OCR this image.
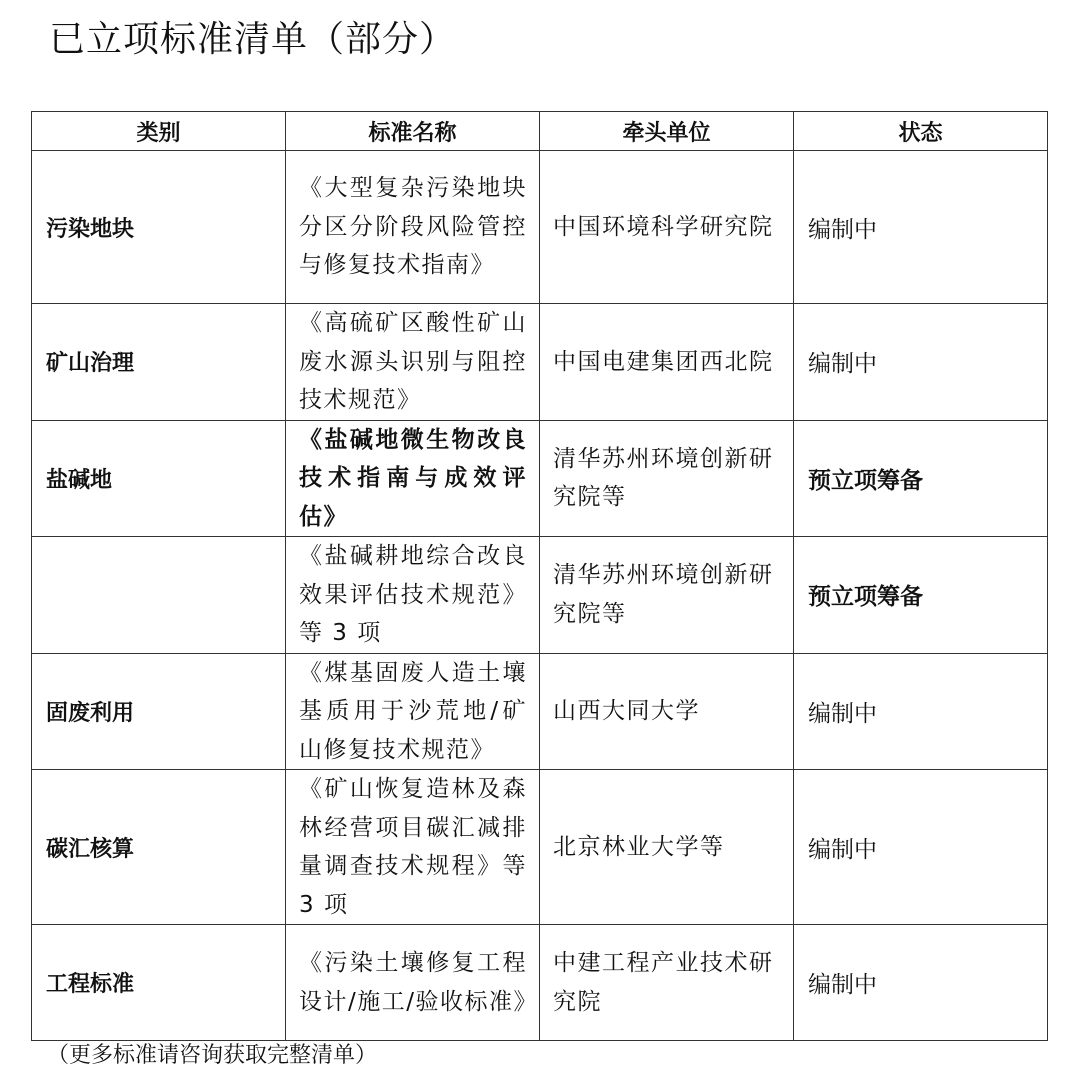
已立项标准清单（部分）
类别	标准名称	牵头单位	状态
污染地块	《大型复杂污染地块分区分阶段风险管控与修复技术指南》	中国环境科学研究院	编制中
矿山治理	《高硫矿区酸性矿山废水源头识别与阻控技术规范》	中国电建集团西北院	编制中
盐碱地	《盐碱地微生物改良技术指南与成效评估》	清华苏州环境创新研究院等	预立项筹备
	《盐碱耕地综合改良效果评估技术规范》等 3 项	清华苏州环境创新研究院等	预立项筹备
固废利用	《煤基固废人造土壤基质用于沙荒地/矿山修复技术规范》	山西大同大学	编制中
碳汇核算	《矿山恢复造林及森林经营项目碳汇减排量调查技术规程》等 3 项	北京林业大学等	编制中
工程标准	《污染土壤修复工程设计/施工/验收标准》	中建工程产业技术研究院	编制中

（更多标准请咨询获取完整清单）
